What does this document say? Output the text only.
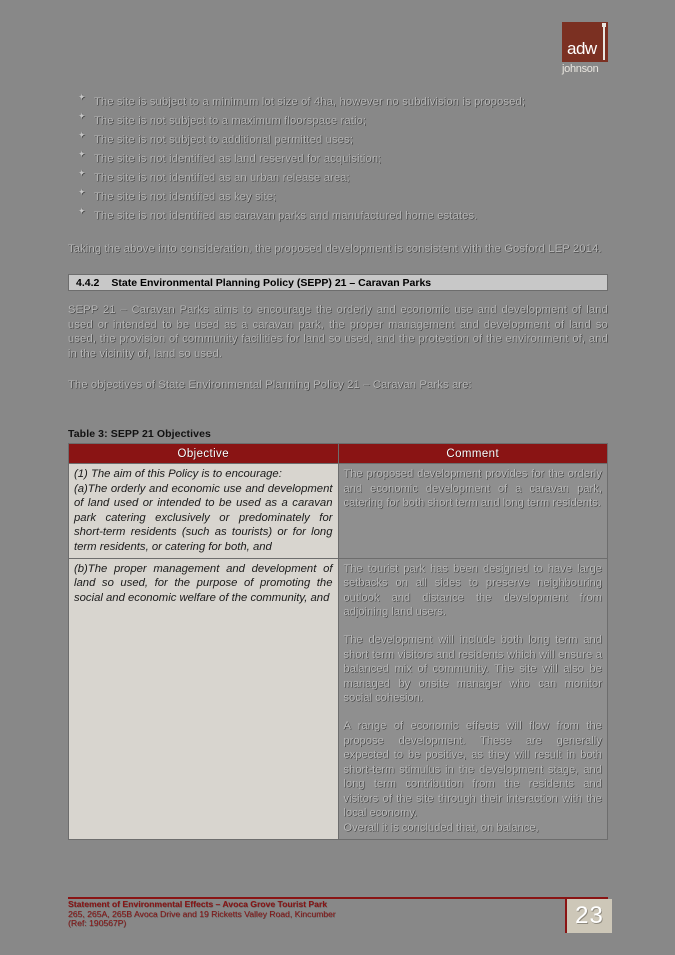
adw
johnson
✦ The site is subject to a minimum lot size of 4ha, however no subdivision is proposed;
✦ The site is not subject to a maximum floorspace ratio;
✦ The site is not subject to additional permitted uses;
✦ The site is not identified as land reserved for acquisition;
✦ The site is not identified as an urban release area;
✦ The site is not identified as key site;
✦ The site is not identified as caravan parks and manufactured home estates.

Taking the above into consideration, the proposed development is consistent with the Gosford LEP 2014.

4.4.2	State Environmental Planning Policy (SEPP) 21 – Caravan Parks

SEPP 21 – Caravan Parks aims to encourage the orderly and economic use and development of land used or intended to be used as a caravan park, the proper management and development of land so used, the provision of community facilities for land so used, and the protection of the environment of, and in the vicinity of, land so used.

The objectives of State Environmental Planning Policy 21 – Caravan Parks are:

Table 3: SEPP 21 Objectives
Objective	Comment

(1) The aim of this Policy is to encourage:

(a)The orderly and economic use and development of land used or intended to be used as a caravan park catering exclusively or predominately for short-term residents (such as tourists) or for long term residents, or catering for both, and	The proposed development provides for the orderly and economic development of a caravan park, catering for both short term and long term residents.

(b)The proper management and development of land so used, for the purpose of promoting the social and economic welfare of the community, and	The tourist park has been designed to have large setbacks on all sides to preserve neighbouring outlook and distance the development from adjoining land users.

The development will include both long term and short term visitors and residents which will ensure a balanced mix of community. The site will also be managed by onsite manager who can monitor social cohesion.

A range of economic effects will flow from the propose development. These are generally expected to be positive, as they will result in both short-term stimulus in the development stage, and long term contribution from the residents and visitors of the site through their interaction with the local economy.

Overall it is concluded that, on balance,

Statement of Environmental Effects – Avoca Grove Tourist Park
265, 265A, 265B Avoca Drive and 19 Ricketts Valley Road, Kincumber
(Ref: 190567P)	23
